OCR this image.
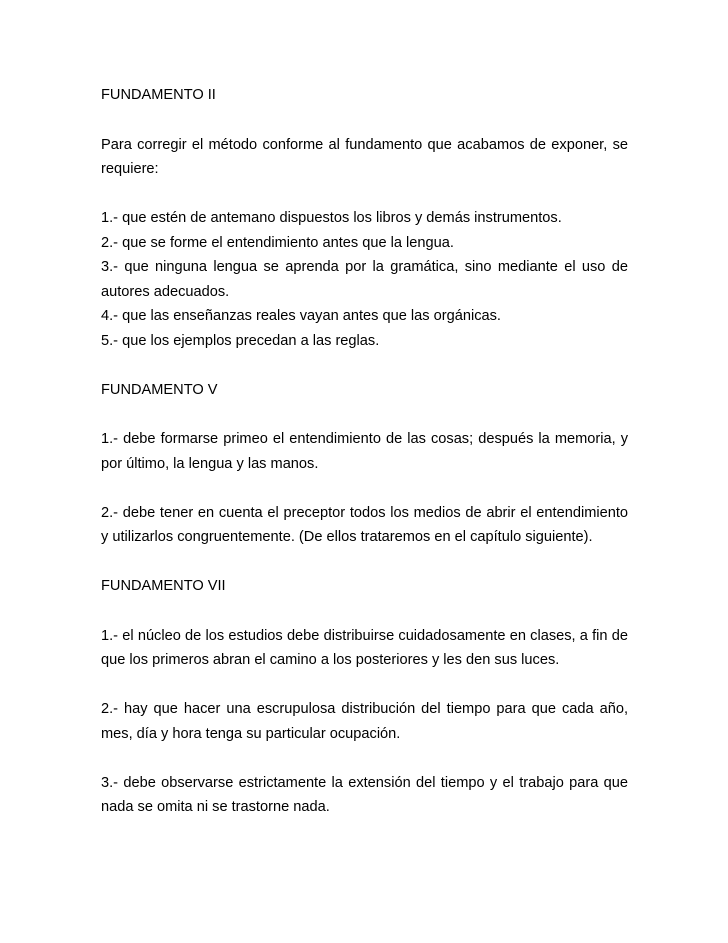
FUNDAMENTO II

Para corregir el método conforme al fundamento que acabamos de exponer, se requiere:

1.- que estén de antemano dispuestos los libros y demás instrumentos.

2.- que se forme el entendimiento antes que la lengua.

3.- que ninguna lengua se aprenda por la gramática, sino mediante el uso de autores adecuados.

4.- que las enseñanzas reales vayan antes que las orgánicas.

5.- que los ejemplos precedan a las reglas.

FUNDAMENTO V

1.- debe formarse primeo el entendimiento de las cosas; después la memoria, y por último, la lengua y las manos.

2.- debe tener en cuenta el preceptor todos los medios de abrir el entendimiento y utilizarlos congruentemente. (De ellos trataremos en el capítulo siguiente).

FUNDAMENTO VII

1.- el núcleo de los estudios debe distribuirse cuidadosamente en clases, a fin de que los primeros abran el camino a los posteriores y les den sus luces.

2.- hay que hacer una escrupulosa distribución del tiempo para que cada año, mes, día y hora tenga su particular ocupación.

3.- debe observarse estrictamente la extensión del tiempo y el trabajo para que nada se omita ni se trastorne nada.
